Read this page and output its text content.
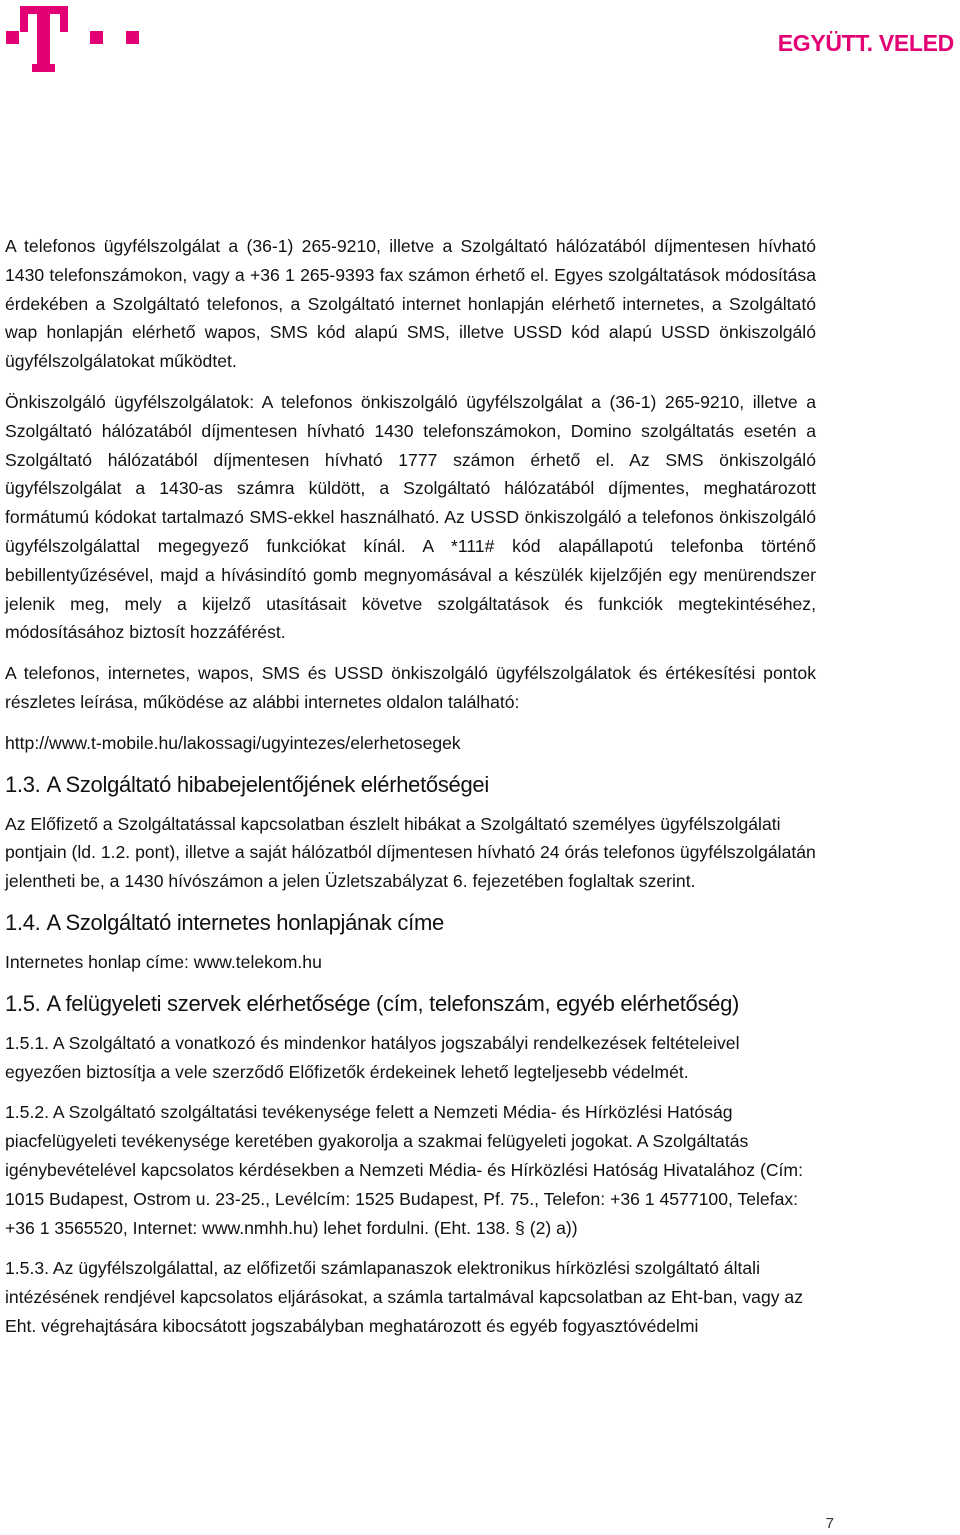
EGYÜTT. VELED

A telefonos ügyfélszolgálat a (36-1) 265-9210, illetve a Szolgáltató hálózatából díjmentesen hívható 1430 telefonszámokon, vagy a +36 1 265-9393 fax számon érhető el. Egyes szolgáltatások módosítása érdekében a Szolgáltató telefonos, a Szolgáltató internet honlapján elérhető internetes, a Szolgáltató wap honlapján elérhető wapos, SMS kód alapú SMS, illetve USSD kód alapú USSD önkiszolgáló ügyfélszolgálatokat működtet.

Önkiszolgáló ügyfélszolgálatok: A telefonos önkiszolgáló ügyfélszolgálat a (36-1) 265-9210, illetve a Szolgáltató hálózatából díjmentesen hívható 1430 telefonszámokon, Domino szolgáltatás esetén a Szolgáltató hálózatából díjmentesen hívható 1777 számon érhető el. Az SMS önkiszolgáló ügyfélszolgálat a 1430-as számra küldött, a Szolgáltató hálózatából díjmentes, meghatározott formátumú kódokat tartalmazó SMS-ekkel használható. Az USSD önkiszolgáló a telefonos önkiszolgáló ügyfélszolgálattal megegyező funkciókat kínál. A *111# kód alapállapotú telefonba történő bebillentyűzésével, majd a hívásindító gomb megnyomásával a készülék kijelzőjén egy menürendszer jelenik meg, mely a kijelző utasításait követve szolgáltatások és funkciók megtekintéséhez, módosításához biztosít hozzáférést.

A telefonos, internetes, wapos, SMS és USSD önkiszolgáló ügyfélszolgálatok és értékesítési pontok részletes leírása, működése az alábbi internetes oldalon található:

http://www.t-mobile.hu/lakossagi/ugyintezes/elerhetosegek

1.3. A Szolgáltató hibabejelentőjének elérhetőségei

Az Előfizető a Szolgáltatással kapcsolatban észlelt hibákat a Szolgáltató személyes ügyfélszolgálati pontjain (ld. 1.2. pont), illetve a saját hálózatból díjmentesen hívható 24 órás telefonos ügyfélszolgálatán jelentheti be, a 1430 hívószámon a jelen Üzletszabályzat 6. fejezetében foglaltak szerint.

1.4. A Szolgáltató internetes honlapjának címe

Internetes honlap címe: www.telekom.hu

1.5. A felügyeleti szervek elérhetősége (cím, telefonszám, egyéb elérhetőség)

1.5.1. A Szolgáltató a vonatkozó és mindenkor hatályos jogszabályi rendelkezések feltételeivel egyezően biztosítja a vele szerződő Előfizetők érdekeinek lehető legteljesebb védelmét.

1.5.2. A Szolgáltató szolgáltatási tevékenysége felett a Nemzeti Média- és Hírközlési Hatóság piacfelügyeleti tevékenysége keretében gyakorolja a szakmai felügyeleti jogokat. A Szolgáltatás igénybevételével kapcsolatos kérdésekben a Nemzeti Média- és Hírközlési Hatóság Hivatalához (Cím: 1015 Budapest, Ostrom u. 23-25., Levélcím: 1525 Budapest, Pf. 75., Telefon: +36 1 4577100, Telefax: +36 1 3565520, Internet: www.nmhh.hu) lehet fordulni. (Eht. 138. § (2) a))

1.5.3. Az ügyfélszolgálattal, az előfizetői számlapanaszok elektronikus hírközlési szolgáltató általi intézésének rendjével kapcsolatos eljárásokat, a számla tartalmával kapcsolatban az Eht-ban, vagy az Eht. végrehajtására kibocsátott jogszabályban meghatározott és egyéb fogyasztóvédelmi

7
